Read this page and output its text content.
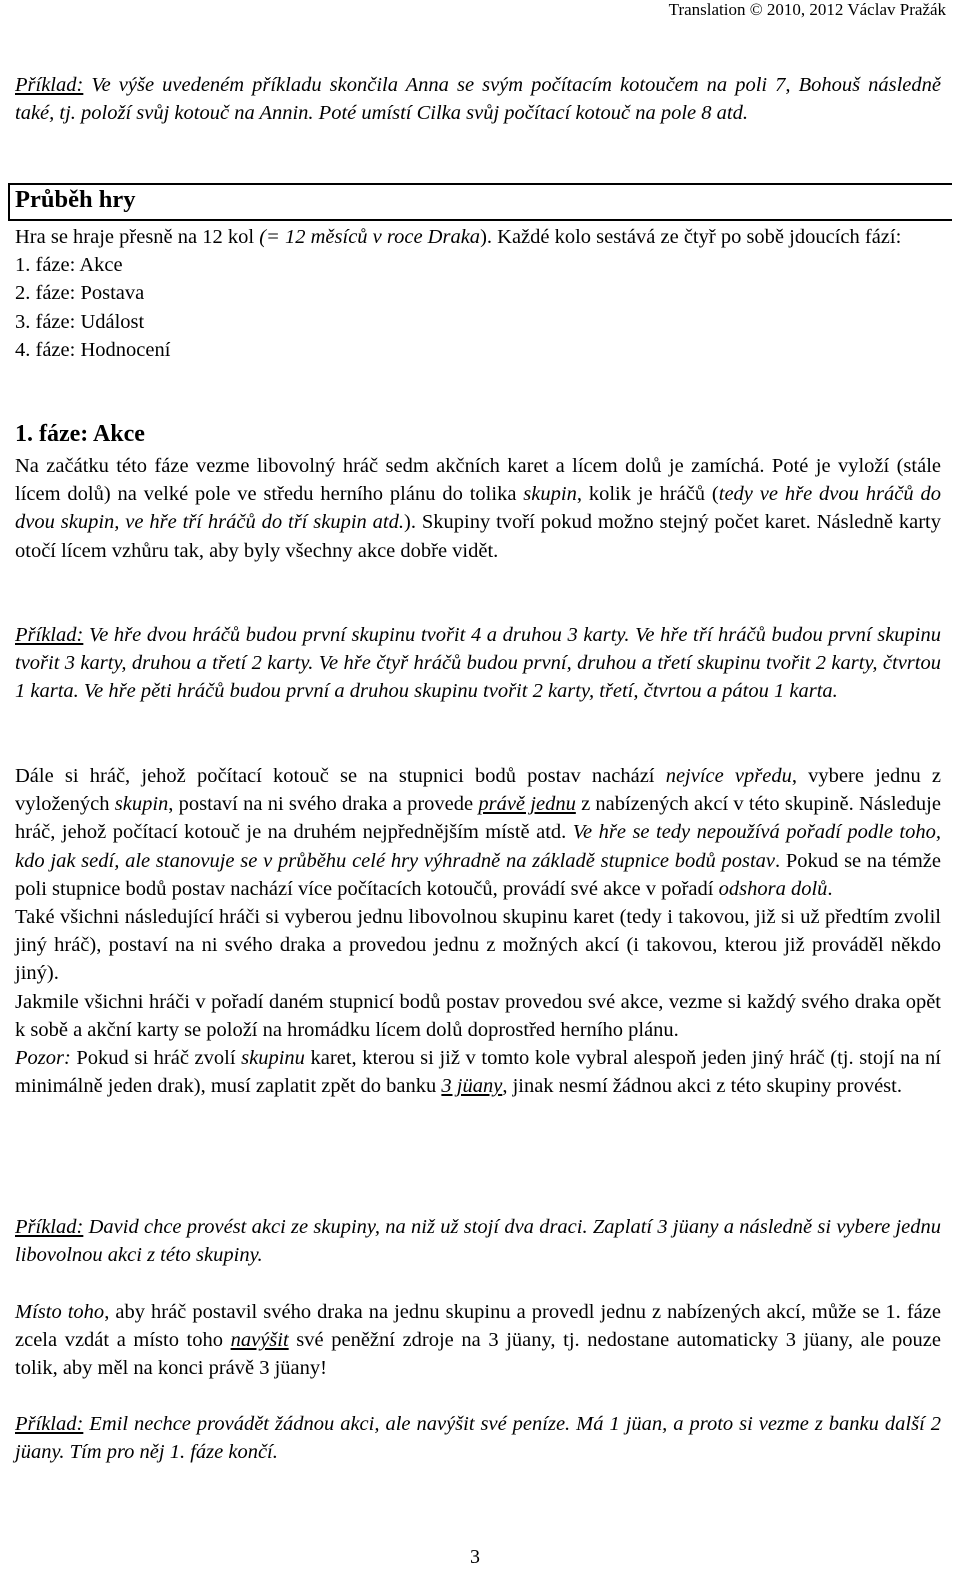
Translation © 2010, 2012 Václav Pražák

Příklad: Ve výše uvedeném příkladu skončila Anna se svým počítacím kotoučem na poli 7, Bohouš následně také, tj. položí svůj kotouč na Annin. Poté umístí Cilka svůj počítací kotouč na pole 8 atd.

Průběh hry

Hra se hraje přesně na 12 kol (= 12 měsíců v roce Draka). Každé kolo sestává ze čtyř po sobě jdoucích fází:

1. fáze: Akce
2. fáze: Postava
3. fáze: Událost
4. fáze: Hodnocení
1. fáze: Akce

Na začátku této fáze vezme libovolný hráč sedm akčních karet a lícem dolů je zamíchá. Poté je vyloží (stále lícem dolů) na velké pole ve středu herního plánu do tolika skupin, kolik je hráčů (tedy ve hře dvou hráčů do dvou skupin, ve hře tří hráčů do tří skupin atd.). Skupiny tvoří pokud možno stejný počet karet. Následně karty otočí lícem vzhůru tak, aby byly všechny akce dobře vidět.

Příklad: Ve hře dvou hráčů budou první skupinu tvořit 4 a druhou 3 karty. Ve hře tří hráčů budou první skupinu tvořit 3 karty, druhou a třetí 2 karty. Ve hře čtyř hráčů budou první, druhou a třetí skupinu tvořit 2 karty, čtvrtou 1 karta. Ve hře pěti hráčů budou první a druhou skupinu tvořit 2 karty, třetí, čtvrtou a pátou 1 karta.

Dále si hráč, jehož počítací kotouč se na stupnici bodů postav nachází nejvíce vpředu, vybere jednu z vyložených skupin, postaví na ni svého draka a provede právě jednu z nabízených akcí v této skupině. Následuje hráč, jehož počítací kotouč je na druhém nejpřednějším místě atd. Ve hře se tedy nepoužívá pořadí podle toho, kdo jak sedí, ale stanovuje se v průběhu celé hry výhradně na základě stupnice bodů postav. Pokud se na témže poli stupnice bodů postav nachází více počítacích kotoučů, provádí své akce v pořadí odshora dolů.

Také všichni následující hráči si vyberou jednu libovolnou skupinu karet (tedy i takovou, již si už předtím zvolil jiný hráč), postaví na ni svého draka a provedou jednu z možných akcí (i takovou, kterou již prováděl někdo jiný).

Jakmile všichni hráči v pořadí daném stupnicí bodů postav provedou své akce, vezme si každý svého draka opět k sobě a akční karty se položí na hromádku lícem dolů doprostřed herního plánu.

Pozor: Pokud si hráč zvolí skupinu karet, kterou si již v tomto kole vybral alespoň jeden jiný hráč (tj. stojí na ní minimálně jeden drak), musí zaplatit zpět do banku 3 jüany, jinak nesmí žádnou akci z této skupiny provést.

Příklad: David chce provést akci ze skupiny, na niž už stojí dva draci. Zaplatí 3 jüany a následně si vybere jednu libovolnou akci z této skupiny.

Místo toho, aby hráč postavil svého draka na jednu skupinu a provedl jednu z nabízených akcí, může se 1. fáze zcela vzdát a místo toho navýšit své peněžní zdroje na 3 jüany, tj. nedostane automaticky 3 jüany, ale pouze tolik, aby měl na konci právě 3 jüany!

Příklad: Emil nechce provádět žádnou akci, ale navýšit své peníze. Má 1 jüan, a proto si vezme z banku další 2 jüany. Tím pro něj 1. fáze končí.

3
